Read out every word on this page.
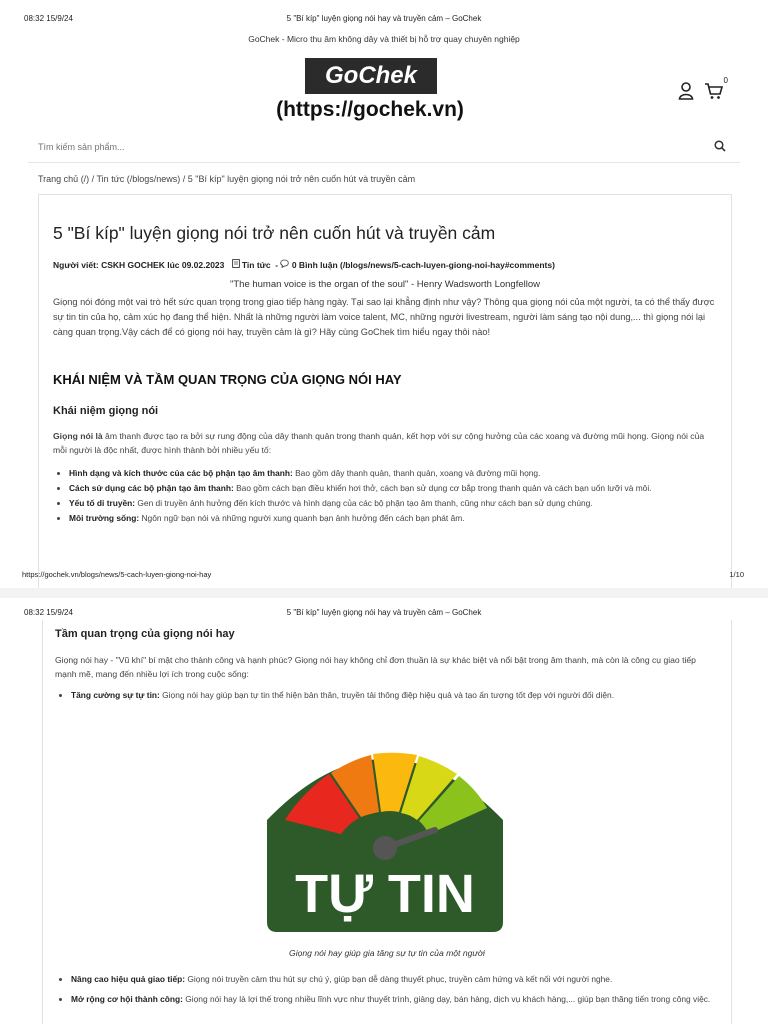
08:32 15/9/24	5 "Bí kíp" luyện giọng nói hay và truyền cảm – GoChek
GoChek - Micro thu âm không dây và thiết bị hỗ trợ quay chuyên nghiệp
GoChek
(https://gochek.vn)
0
Tìm kiếm sản phẩm...
Trang chủ (/) / Tin tức (/blogs/news) / 5 "Bí kíp" luyện giọng nói trở nên cuốn hút và truyền cảm
5 "Bí kíp" luyện giọng nói trở nên cuốn hút và truyền cảm
Người viết: CSKH GOCHEK lúc 09.02.2023 Tin tức  -  0 Bình luận (/blogs/news/5-cach-luyen-giong-noi-hay#comments)
"The human voice is the organ of the soul" - Henry Wadsworth Longfellow
Giọng nói đóng một vai trò hết sức quan trọng trong giao tiếp hàng ngày. Tại sao lại khẳng định như vậy? Thông qua giọng nói của một người, ta có thể thấy được sự tin tin của họ, cảm xúc họ đang thể hiện. Nhất là những người làm voice talent, MC, những người livestream, người làm sáng tạo nội dung,... thì giọng nói lại càng quan trọng.Vậy cách để có giọng nói hay, truyền cảm là gì? Hãy cùng GoChek tìm hiểu ngay thôi nào!
KHÁI NIỆM VÀ TẦM QUAN TRỌNG CỦA GIỌNG NÓI HAY
Khái niệm giọng nói
Giọng nói là âm thanh được tạo ra bởi sự rung động của dây thanh quản trong thanh quản, kết hợp với sự cộng hưởng của các xoang và đường mũi họng. Giọng nói của mỗi người là độc nhất, được hình thành bởi nhiều yếu tố:
• Hình dạng và kích thước của các bộ phận tạo âm thanh: Bao gồm dây thanh quản, thanh quản, xoang và đường mũi họng.
• Cách sử dụng các bộ phận tạo âm thanh: Bao gồm cách bạn điều khiển hơi thở, cách bạn sử dụng cơ bắp trong thanh quản và cách bạn uốn lưỡi và môi.
• Yếu tố di truyền: Gen di truyền ảnh hưởng đến kích thước và hình dạng của các bộ phận tạo âm thanh, cũng như cách bạn sử dụng chúng.
• Môi trường sống: Ngôn ngữ bạn nói và những người xung quanh bạn ảnh hưởng đến cách bạn phát âm.
https://gochek.vn/blogs/news/5-cach-luyen-giong-noi-hay	1/10
08:32 15/9/24	5 "Bí kíp" luyện giọng nói hay và truyền cảm – GoChek
Tầm quan trọng của giọng nói hay
Giọng nói hay - "Vũ khí" bí mật cho thành công và hạnh phúc? Giọng nói hay không chỉ đơn thuần là sự khác biệt và nổi bật trong âm thanh, mà còn là công cụ giao tiếp mạnh mẽ, mang đến nhiều lợi ích trong cuộc sống:
• Tăng cường sự tự tin: Giọng nói hay giúp bạn tự tin thể hiện bản thân, truyền tải thông điệp hiệu quả và tạo ấn tượng tốt đẹp với người đối diện.
TỰ TIN
Giọng nói hay giúp gia tăng sự tự tin của một người
• Nâng cao hiệu quả giao tiếp: Giọng nói truyền cảm thu hút sự chú ý, giúp bạn dễ dàng thuyết phục, truyền cảm hứng và kết nối với người nghe.
• Mở rộng cơ hội thành công: Giọng nói hay là lợi thế trong nhiều lĩnh vực như thuyết trình, giảng dạy, bán hàng, dịch vụ khách hàng,... giúp bạn thăng tiến trong công việc.
